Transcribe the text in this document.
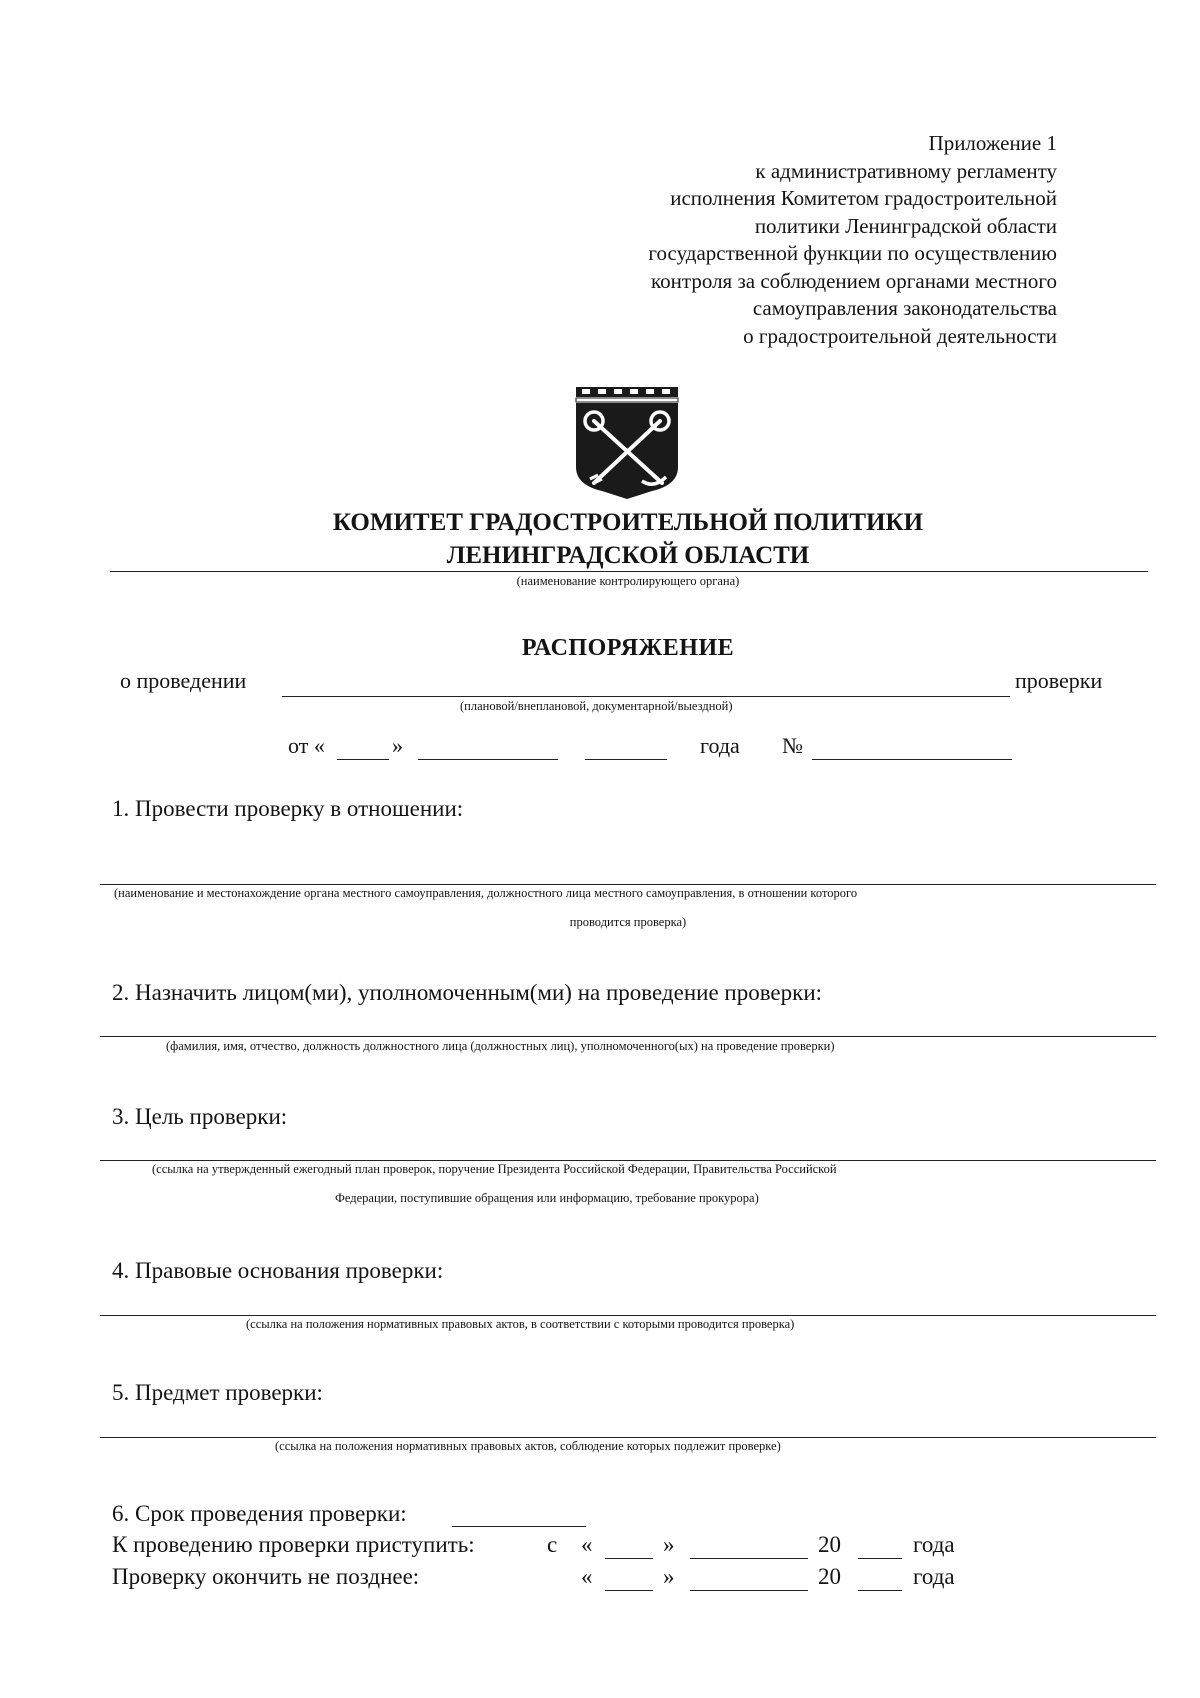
Приложение 1
к административному регламенту
исполнения Комитетом градостроительной
политики Ленинградской области
государственной функции по осуществлению
контроля за соблюдением органами местного
самоуправления законодательства
о градостроительной деятельности
КОМИТЕТ ГРАДОСТРОИТЕЛЬНОЙ ПОЛИТИКИ
ЛЕНИНГРАДСКОЙ ОБЛАСТИ
(наименование контролирующего органа)
РАСПОРЯЖЕНИЕ
о проведении	проверки
(плановой/внеплановой, документарной/выездной)
от «	»	года №
1. Провести проверку в отношении:
(наименование и местонахождение органа местного самоуправления, должностного лица местного самоуправления, в отношении которого
проводится проверка)
2. Назначить лицом(ми), уполномоченным(ми) на проведение проверки:
(фамилия, имя, отчество, должность должностного лица (должностных лиц), уполномоченного(ых) на проведение проверки)
3. Цель проверки:
(ссылка на утвержденный ежегодный план проверок, поручение Президента Российской Федерации, Правительства Российской
Федерации, поступившие обращения или информацию, требование прокурора)
4. Правовые основания проверки:
(ссылка на положения нормативных правовых актов, в соответствии с которыми проводится проверка)
5. Предмет проверки:
(ссылка на положения нормативных правовых актов, соблюдение которых подлежит проверке)
6. Срок проведения проверки:
К проведению проверки приступить:	с «	»	20	года
Проверку окончить не позднее:	«	»	20	года
